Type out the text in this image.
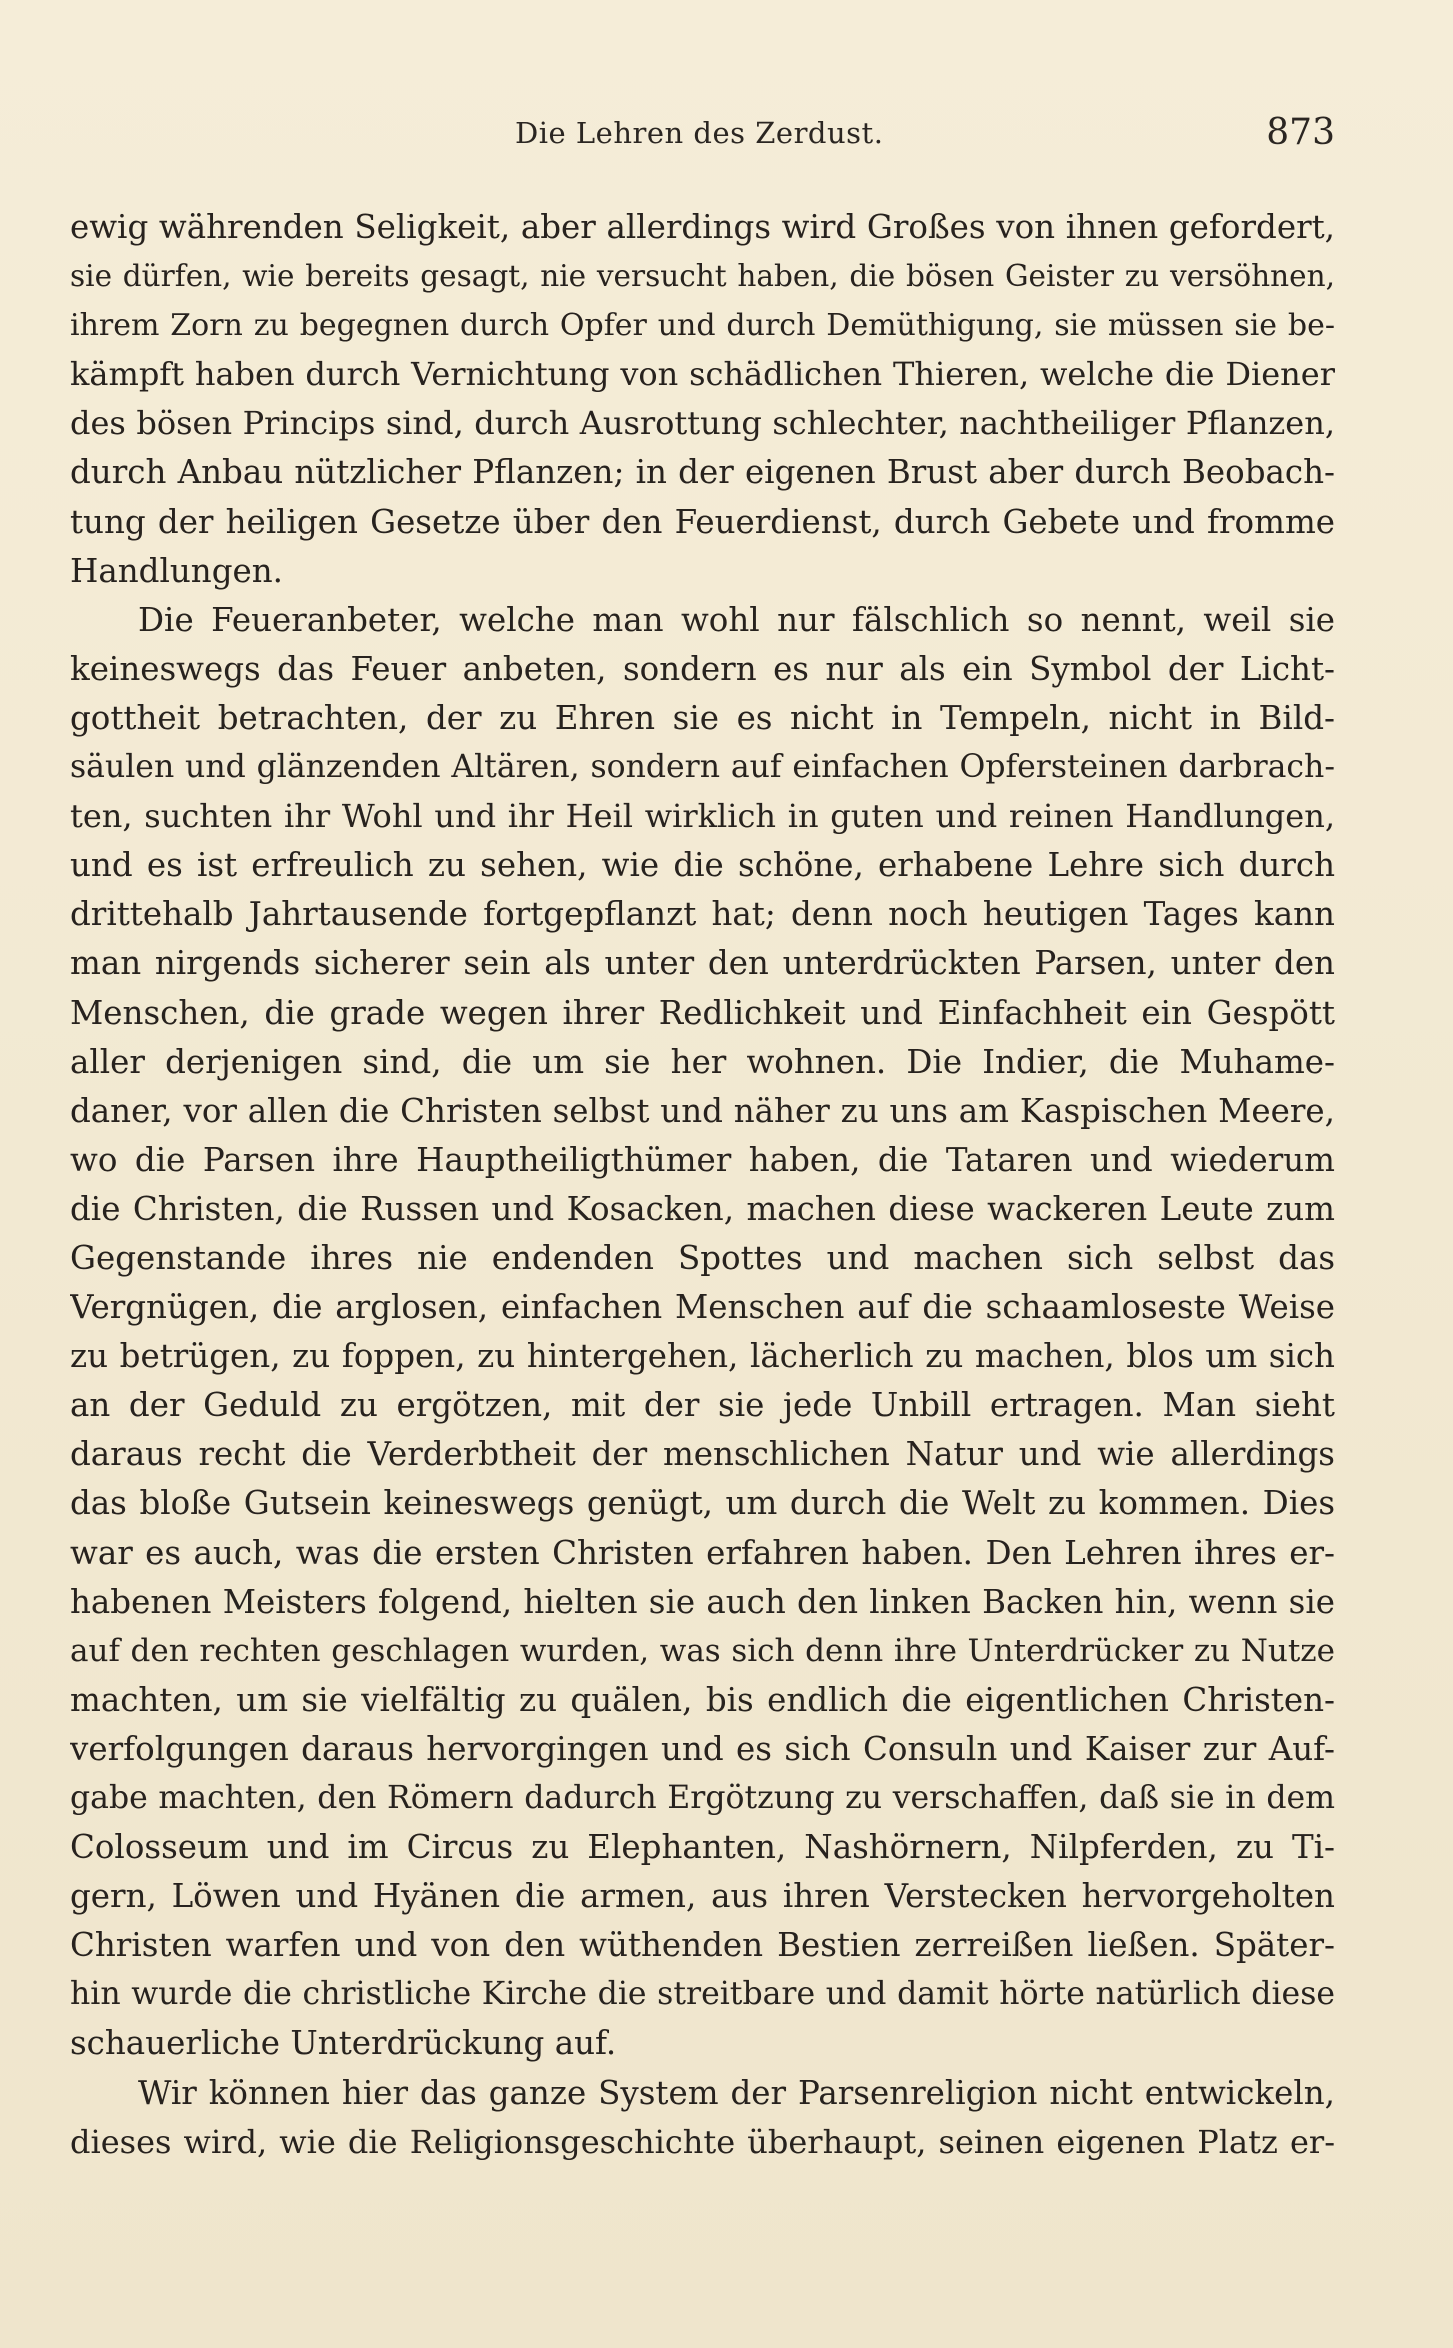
Die Lehren des Zerdust.	873
ewig währenden Seligkeit, aber allerdings wird Großes von ihnen gefordert,
sie dürfen, wie bereits gesagt, nie versucht haben, die bösen Geister zu versöhnen,
ihrem Zorn zu begegnen durch Opfer und durch Demüthigung, sie müssen sie be-
kämpft haben durch Vernichtung von schädlichen Thieren, welche die Diener
des bösen Princips sind, durch Ausrottung schlechter, nachtheiliger Pflanzen,
durch Anbau nützlicher Pflanzen; in der eigenen Brust aber durch Beobach-
tung der heiligen Gesetze über den Feuerdienst, durch Gebete und fromme
Handlungen.
Die Feueranbeter, welche man wohl nur fälschlich so nennt, weil sie
keineswegs das Feuer anbeten, sondern es nur als ein Symbol der Licht-
gottheit betrachten, der zu Ehren sie es nicht in Tempeln, nicht in Bild-
säulen und glänzenden Altären, sondern auf einfachen Opfersteinen darbrach-
ten, suchten ihr Wohl und ihr Heil wirklich in guten und reinen Handlungen,
und es ist erfreulich zu sehen, wie die schöne, erhabene Lehre sich durch
drittehalb Jahrtausende fortgepflanzt hat; denn noch heutigen Tages kann
man nirgends sicherer sein als unter den unterdrückten Parsen, unter den
Menschen, die grade wegen ihrer Redlichkeit und Einfachheit ein Gespött
aller derjenigen sind, die um sie her wohnen. Die Indier, die Muhame-
daner, vor allen die Christen selbst und näher zu uns am Kaspischen Meere,
wo die Parsen ihre Hauptheiligthümer haben, die Tataren und wiederum
die Christen, die Russen und Kosacken, machen diese wackeren Leute zum
Gegenstande ihres nie endenden Spottes und machen sich selbst das
Vergnügen, die arglosen, einfachen Menschen auf die schaamloseste Weise
zu betrügen, zu foppen, zu hintergehen, lächerlich zu machen, blos um sich
an der Geduld zu ergötzen, mit der sie jede Unbill ertragen. Man sieht
daraus recht die Verderbtheit der menschlichen Natur und wie allerdings
das bloße Gutsein keineswegs genügt, um durch die Welt zu kommen. Dies
war es auch, was die ersten Christen erfahren haben. Den Lehren ihres er-
habenen Meisters folgend, hielten sie auch den linken Backen hin, wenn sie
auf den rechten geschlagen wurden, was sich denn ihre Unterdrücker zu Nutze
machten, um sie vielfältig zu quälen, bis endlich die eigentlichen Christen-
verfolgungen daraus hervorgingen und es sich Consuln und Kaiser zur Auf-
gabe machten, den Römern dadurch Ergötzung zu verschaffen, daß sie in dem
Colosseum und im Circus zu Elephanten, Nashörnern, Nilpferden, zu Ti-
gern, Löwen und Hyänen die armen, aus ihren Verstecken hervorgeholten
Christen warfen und von den wüthenden Bestien zerreißen ließen. Später-
hin wurde die christliche Kirche die streitbare und damit hörte natürlich diese
schauerliche Unterdrückung auf.
Wir können hier das ganze System der Parsenreligion nicht entwickeln,
dieses wird, wie die Religionsgeschichte überhaupt, seinen eigenen Platz er-
